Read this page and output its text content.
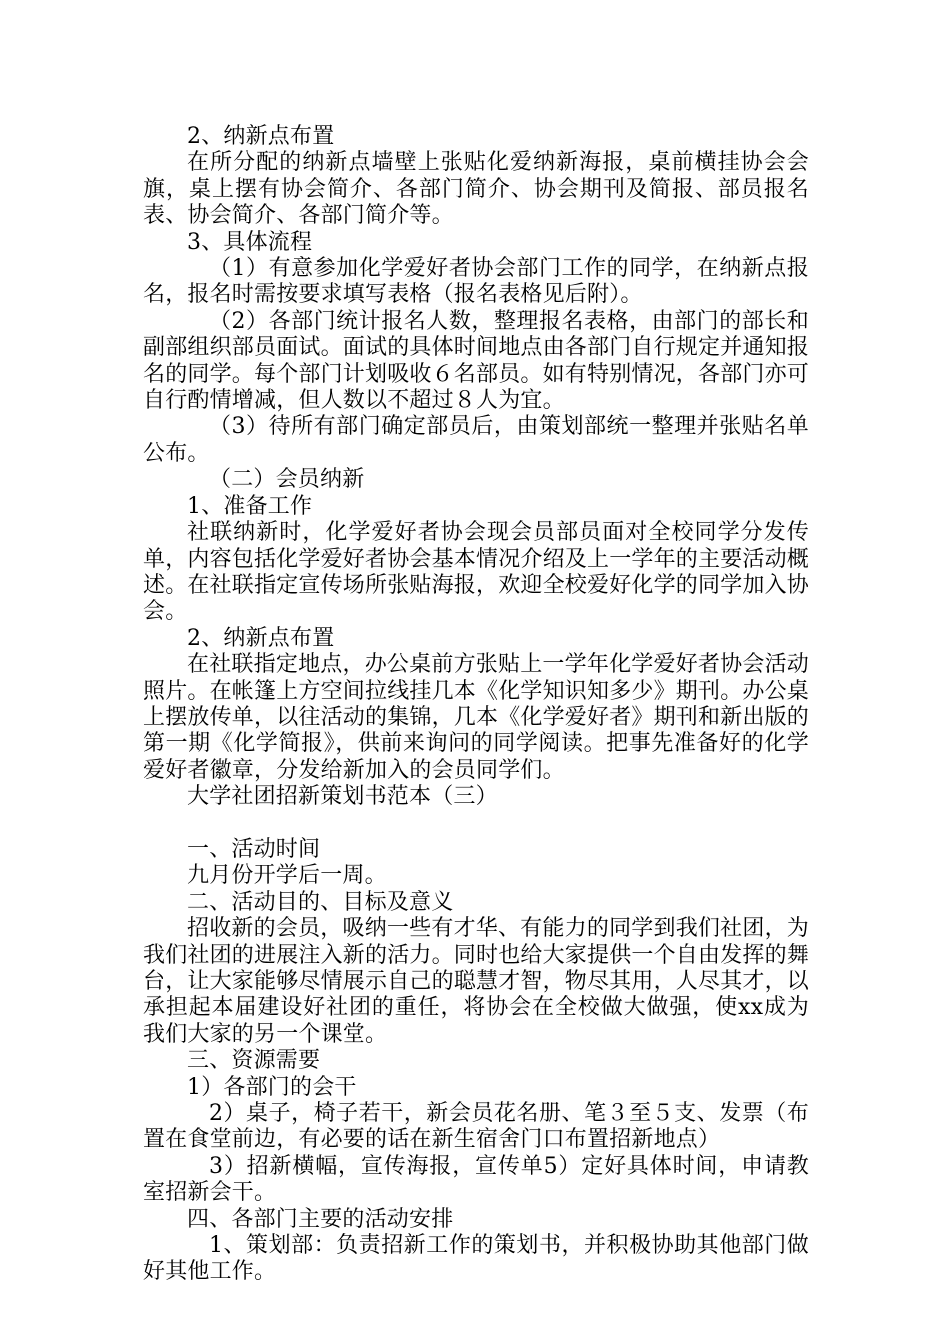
2、纳新点布置

在所分配的纳新点墙壁上张贴化爱纳新海报，桌前横挂协会会旗，桌上摆有协会简介、各部门简介、协会期刊及简报、部员报名表、协会简介、各部门简介等。

3、具体流程

（1）有意参加化学爱好者协会部门工作的同学，在纳新点报名，报名时需按要求填写表格（报名表格见后附）。

（2）各部门统计报名人数，整理报名表格，由部门的部长和副部组织部员面试。面试的具体时间地点由各部门自行规定并通知报名的同学。每个部门计划吸收６名部员。如有特别情况，各部门亦可自行酌情增减，但人数以不超过８人为宜。

（3）待所有部门确定部员后，由策划部统一整理并张贴名单公布。

（二）会员纳新

1、准备工作

社联纳新时，化学爱好者协会现会员部员面对全校同学分发传单，内容包括化学爱好者协会基本情况介绍及上一学年的主要活动概述。在社联指定宣传场所张贴海报，欢迎全校爱好化学的同学加入协会。

2、纳新点布置

在社联指定地点，办公桌前方张贴上一学年化学爱好者协会活动照片。在帐篷上方空间拉线挂几本《化学知识知多少》期刊。办公桌上摆放传单，以往活动的集锦，几本《化学爱好者》期刊和新出版的第一期《化学简报》，供前来询问的同学阅读。把事先准备好的化学爱好者徽章，分发给新加入的会员同学们。

大学社团招新策划书范本（三）

一、活动时间

九月份开学后一周。

二、活动目的、目标及意义

招收新的会员，吸纳一些有才华、有能力的同学到我们社团，为我们社团的进展注入新的活力。同时也给大家提供一个自由发挥的舞台，让大家能够尽情展示自己的聪慧才智，物尽其用，人尽其才，以承担起本届建设好社团的重任，将协会在全校做大做强，使xx成为我们大家的另一个课堂。

三、资源需要

1）各部门的会干

2）桌子，椅子若干，新会员花名册、笔３至５支、发票（布置在食堂前边，有必要的话在新生宿舍门口布置招新地点）

3）招新横幅，宣传海报，宣传单5）定好具体时间，申请教室招新会干。

四、各部门主要的活动安排

1、策划部：负责招新工作的策划书，并积极协助其他部门做好其他工作。
